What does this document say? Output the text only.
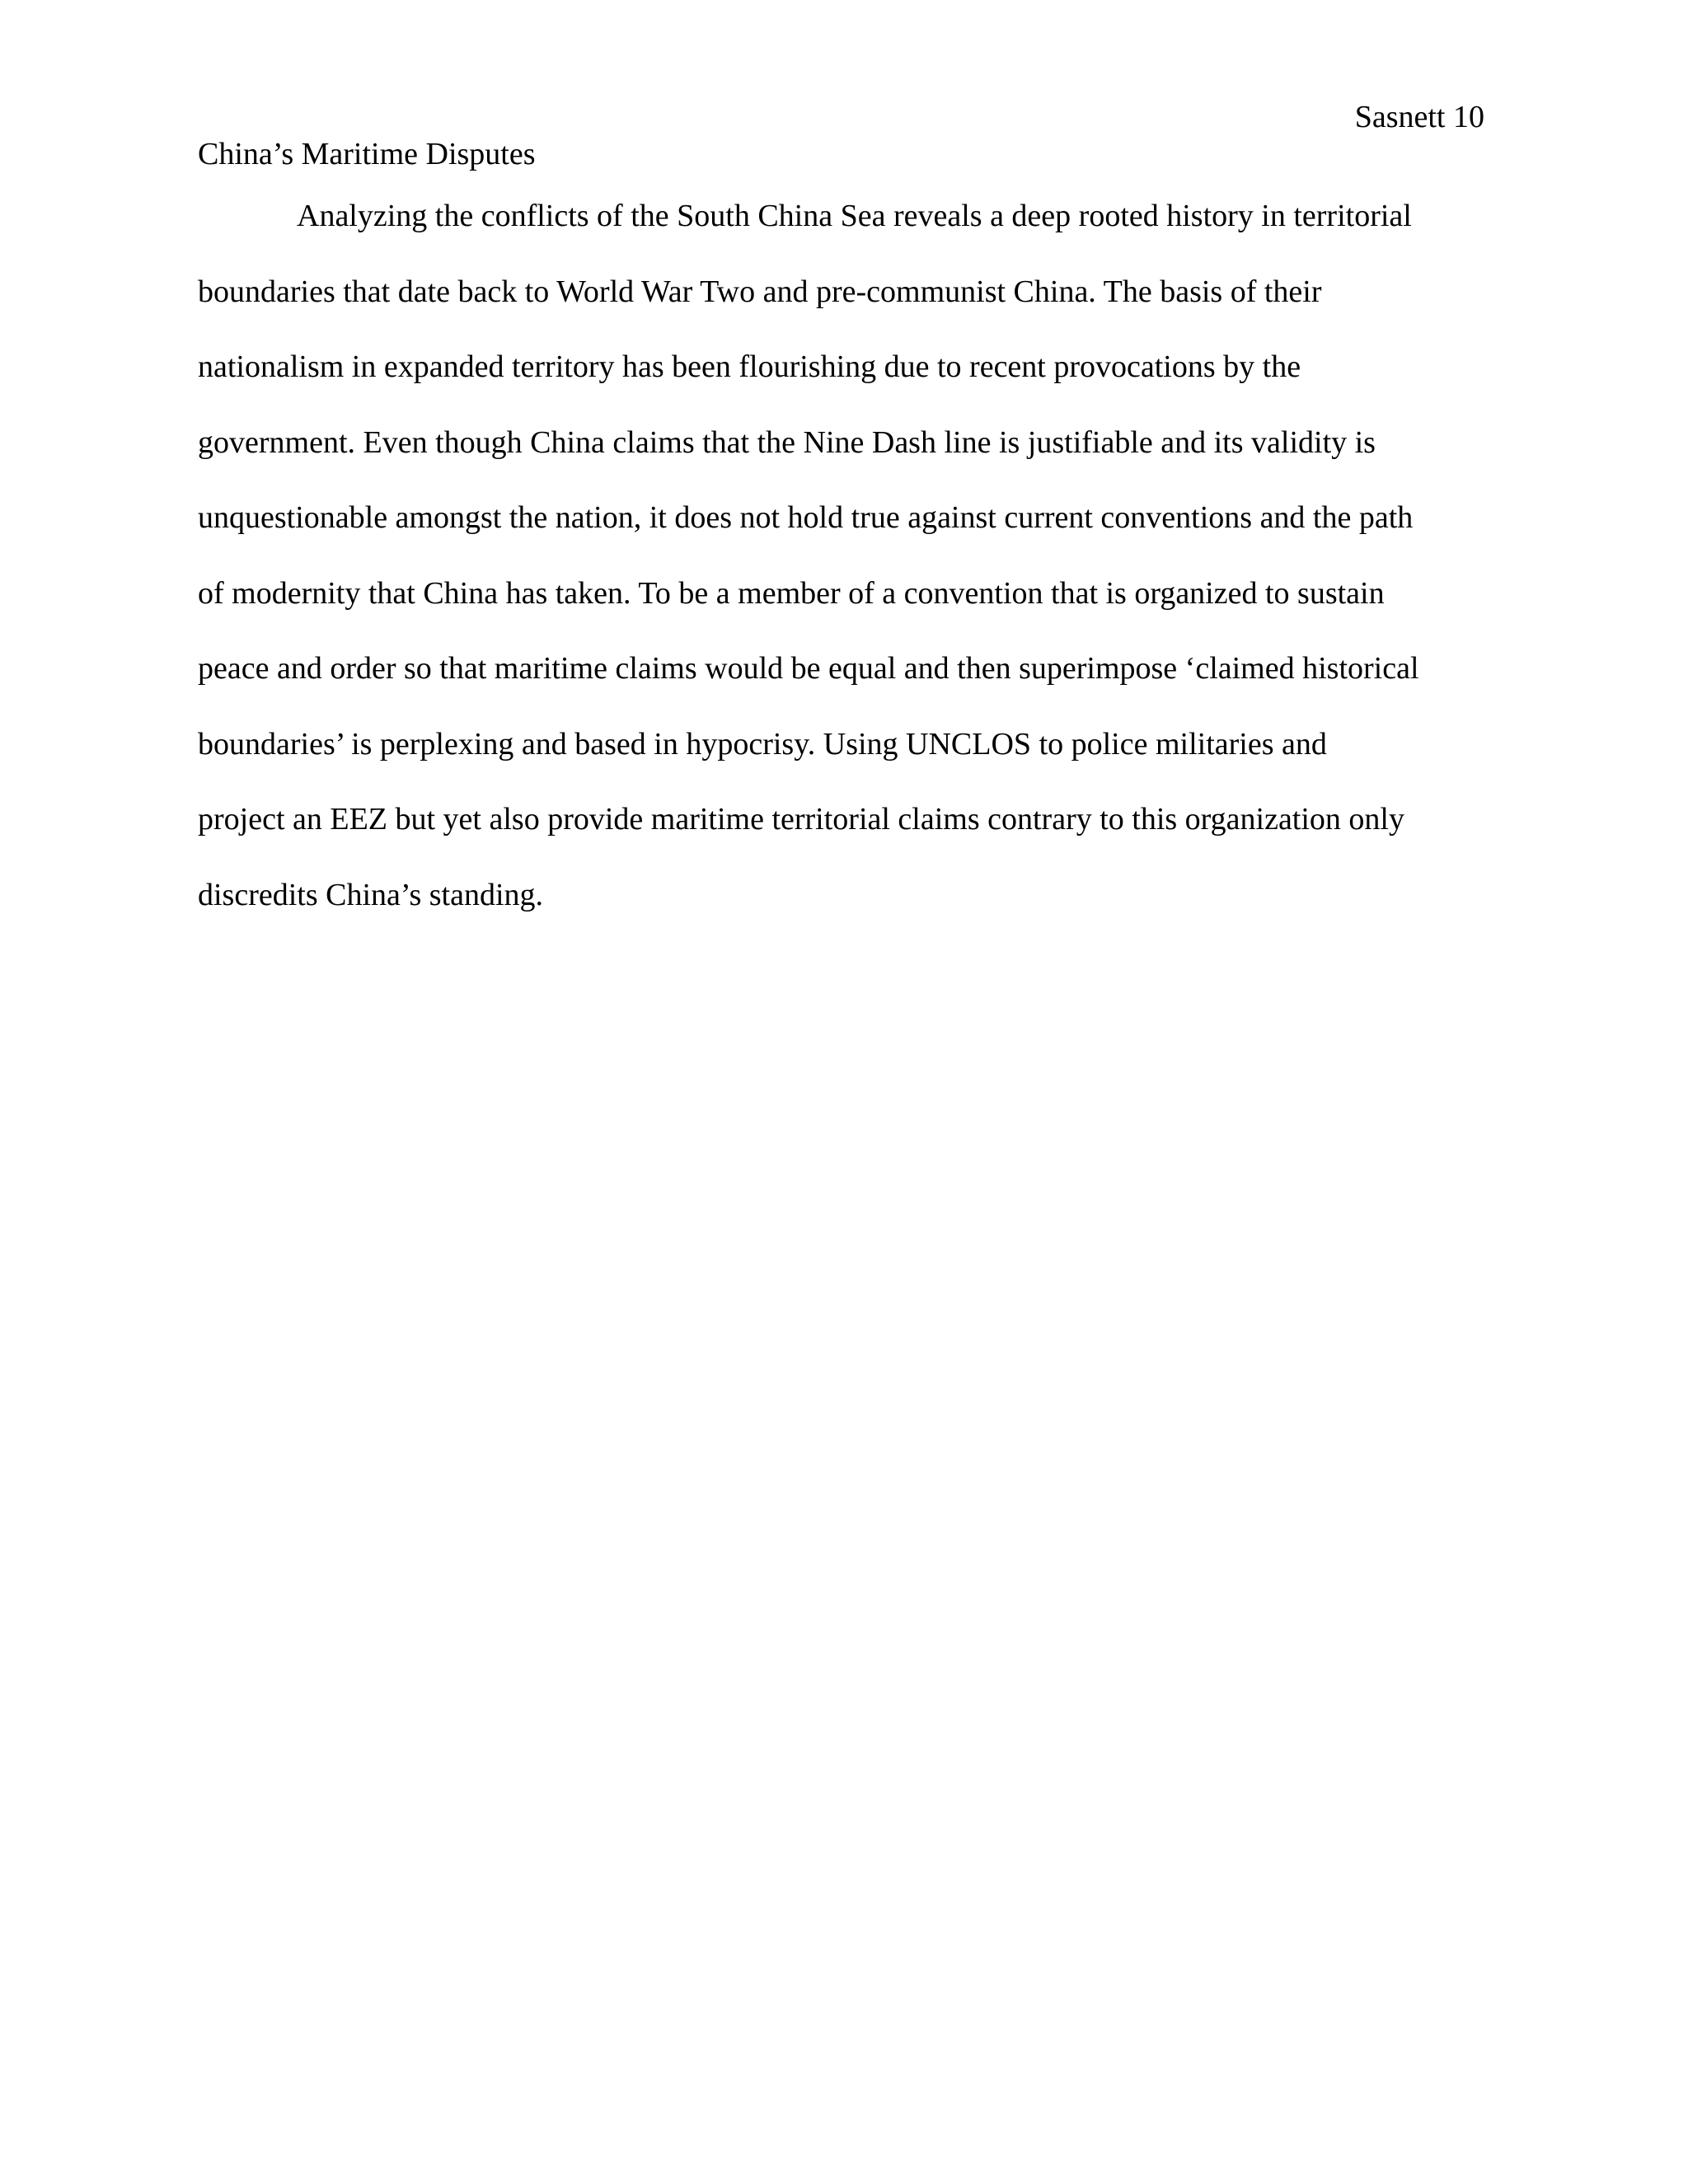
Sasnett 10
China’s Maritime Disputes
Analyzing the conflicts of the South China Sea reveals a deep rooted history in territorial
boundaries that date back to World War Two and pre-communist China. The basis of their
nationalism in expanded territory has been flourishing due to recent provocations by the
government. Even though China claims that the Nine Dash line is justifiable and its validity is
unquestionable amongst the nation, it does not hold true against current conventions and the path
of modernity that China has taken. To be a member of a convention that is organized to sustain
peace and order so that maritime claims would be equal and then superimpose ‘claimed historical
boundaries’ is perplexing and based in hypocrisy. Using UNCLOS to police militaries and
project an EEZ but yet also provide maritime territorial claims contrary to this organization only
discredits China’s standing.
